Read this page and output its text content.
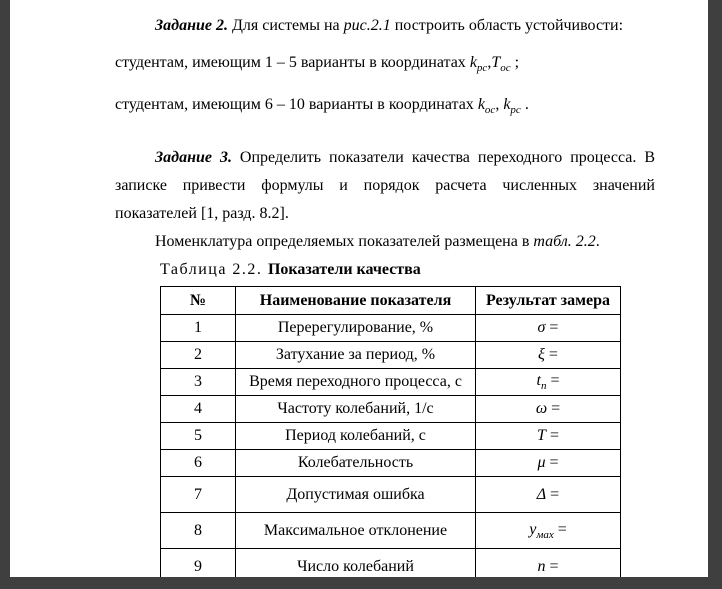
Задание 2. Для системы на рис.2.1 построить область устойчивости:

студентам, имеющим 1 – 5 варианты в координатах $k_{рс},T_{ос}$ ;

студентам, имеющим 6 – 10 варианты в координатах $k_{ос}$, $k_{рс}$ .

Задание 3. Определить показатели качества переходного процесса. В записке привести формулы и порядок расчета численных значений показателей [1, разд. 8.2].

Номенклатура определяемых показателей размещена в табл. 2.2.

Таблица 2.2. Показатели качества

№	Наименование показателя	Результат замера
1	Перерегулирование, %	σ =
2	Затухание за период, %	ξ =
3	Время переходного процесса, с	$t_п$ =
4	Частоту колебаний, 1/с	ω =
5	Период колебаний, с	T =
6	Колебательность	μ =
7	Допустимая ошибка	Δ =
8	Максимальное отклонение	$y_{мах}$ =
9	Число колебаний	n =
